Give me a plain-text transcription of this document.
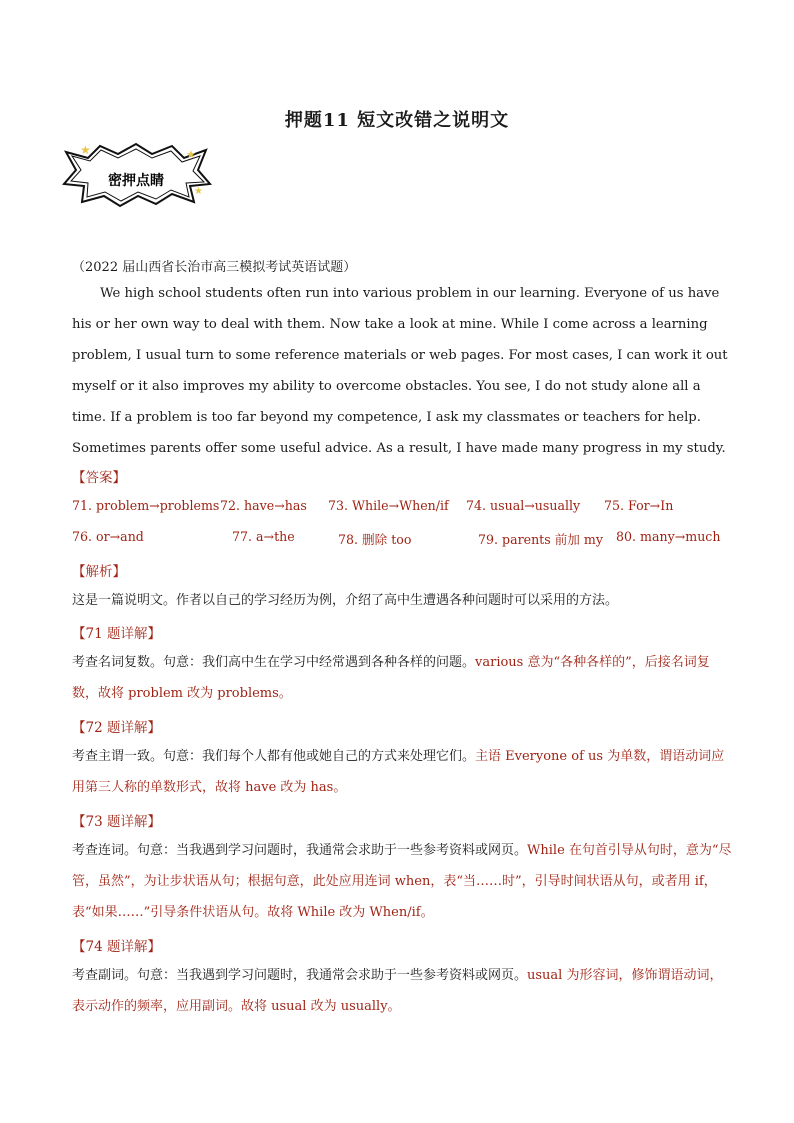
押题11 短文改错之说明文
★	★
★
密押点睛
（2022 届山西省长治市高三模拟考试英语试题）

We high school students often run into various problem in our learning. Everyone of us have his or her own way to deal with them. Now take a look at mine. While I come across a learning problem, I usual turn to some reference materials or web pages. For most cases, I can work it out myself or it also improves my ability to overcome obstacles. You see, I do not study alone all a time. If a problem is too far beyond my competence, I ask my classmates or teachers for help. Sometimes parents offer some useful advice. As a result, I have made many progress in my study.

【答案】
71. problem→problems 72. have→has 73. While→When/if 74. usual→usually 75. For→In
76. or→and	77. a→the	78. 删除 too	79. parents 前加 my 80. many→much
【解析】
这是一篇说明文。作者以自己的学习经历为例，介绍了高中生遭遇各种问题时可以采用的方法。
【71 题详解】
考查名词复数。句意：我们高中生在学习中经常遇到各种各样的问题。various 意为“各种各样的”，后接名词复数，故将 problem 改为 problems。
【72 题详解】
考查主谓一致。句意：我们每个人都有他或她自己的方式来处理它们。主语 Everyone of us 为单数，谓语动词应用第三人称的单数形式，故将 have 改为 has。
【73 题详解】
考查连词。句意：当我遇到学习问题时，我通常会求助于一些参考资料或网页。While 在句首引导从句时，意为“尽管，虽然”，为让步状语从句；根据句意，此处应用连词 when，表“当……时”，引导时间状语从句，或者用 if，表“如果……”引导条件状语从句。故将 While 改为 When/if。
【74 题详解】
考查副词。句意：当我遇到学习问题时，我通常会求助于一些参考资料或网页。usual 为形容词，修饰谓语动词，表示动作的频率，应用副词。故将 usual 改为 usually。
